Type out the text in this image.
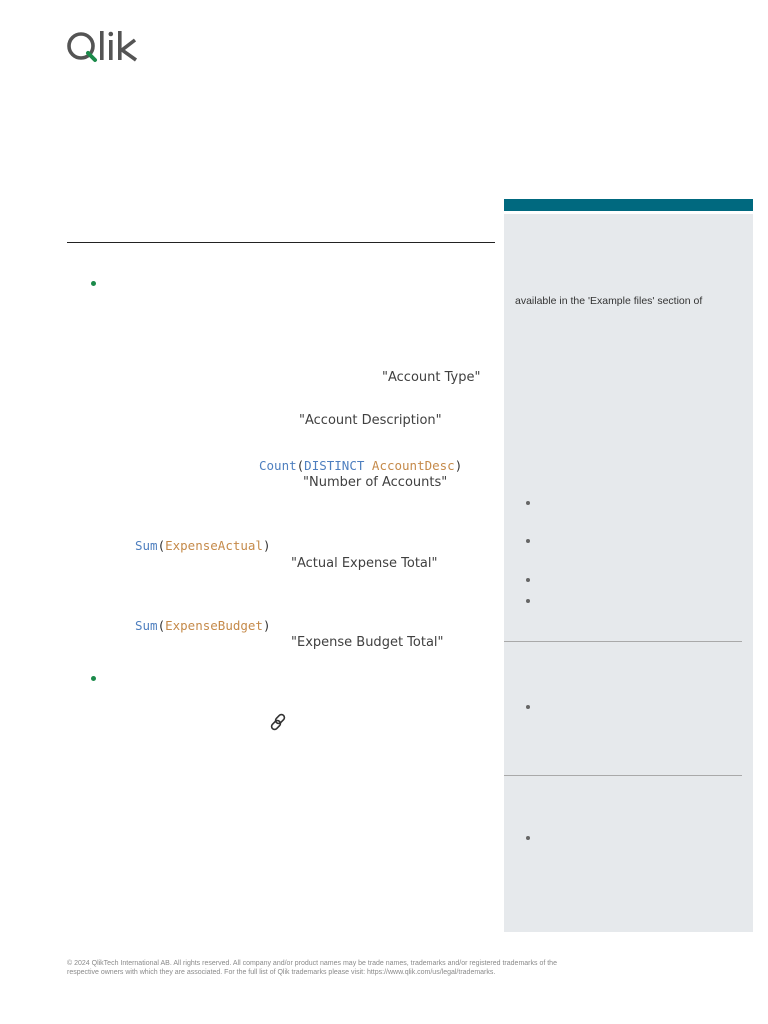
"Account Type"
"Account Description"
Count(DISTINCT AccountDesc)
"Number of Accounts"
Sum(ExpenseActual)
"Actual Expense Total"
Sum(ExpenseBudget)
"Expense Budget Total"
available in the 'Example files' section of
© 2024 QlikTech International AB. All rights reserved. All company and/or product names may be trade names, trademarks and/or registered trademarks of the
respective owners with which they are associated. For the full list of Qlik trademarks please visit: https://www.qlik.com/us/legal/trademarks.
